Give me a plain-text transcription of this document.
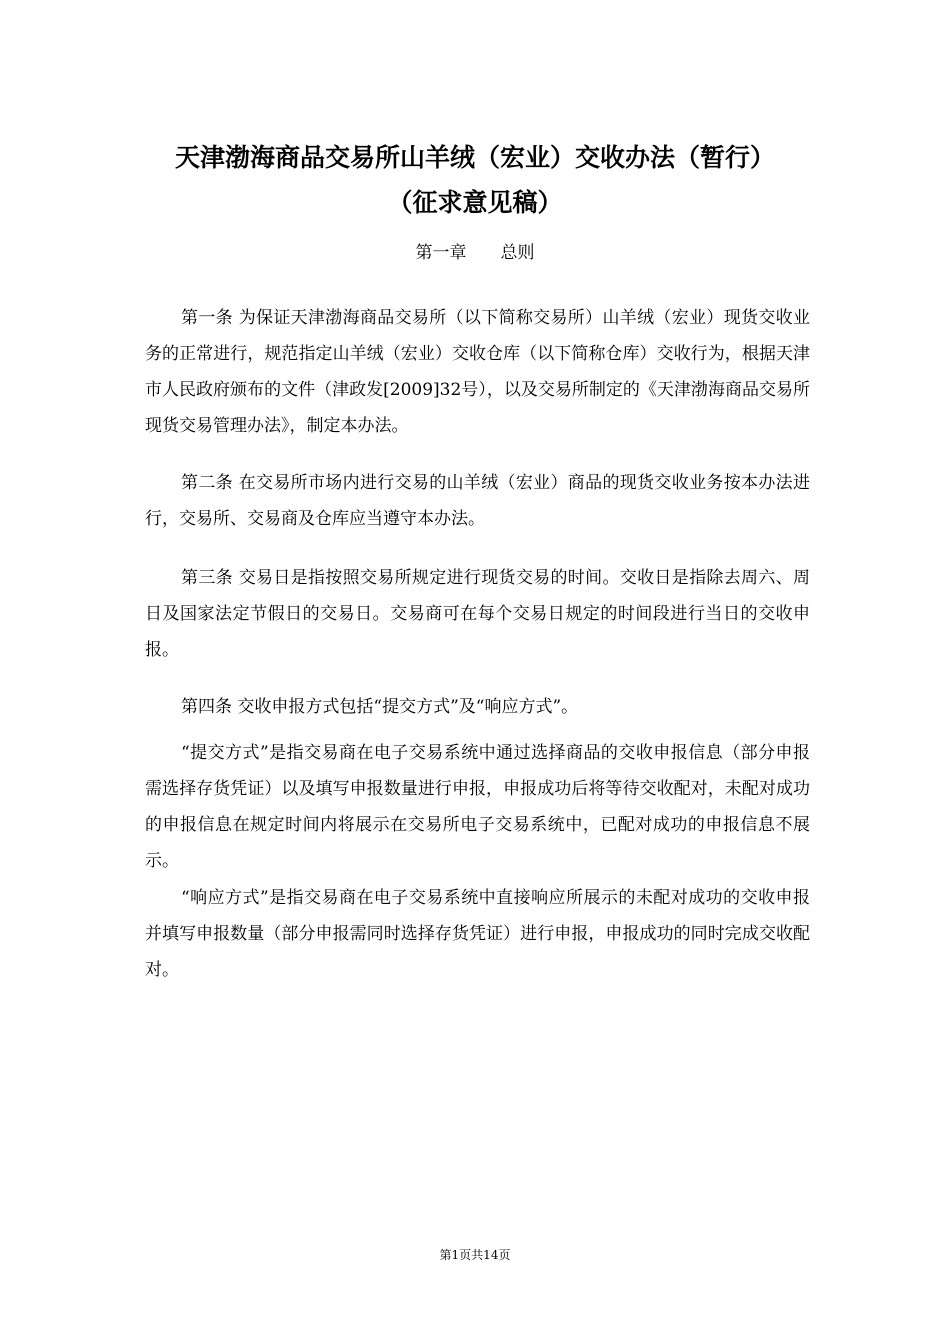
天津渤海商品交易所山羊绒（宏业）交收办法（暂行）
（征求意见稿）
第一章　　总则

第一条 为保证天津渤海商品交易所（以下简称交易所）山羊绒（宏业）现货交收业务的正常进行，规范指定山羊绒（宏业）交收仓库（以下简称仓库）交收行为，根据天津市人民政府颁布的文件（津政发[2009]32号），以及交易所制定的《天津渤海商品交易所现货交易管理办法》，制定本办法。

第二条 在交易所市场内进行交易的山羊绒（宏业）商品的现货交收业务按本办法进行，交易所、交易商及仓库应当遵守本办法。

第三条 交易日是指按照交易所规定进行现货交易的时间。交收日是指除去周六、周日及国家法定节假日的交易日。交易商可在每个交易日规定的时间段进行当日的交收申报。

第四条 交收申报方式包括“提交方式”及“响应方式”。

“提交方式”是指交易商在电子交易系统中通过选择商品的交收申报信息（部分申报需选择存货凭证）以及填写申报数量进行申报，申报成功后将等待交收配对，未配对成功的申报信息在规定时间内将展示在交易所电子交易系统中，已配对成功的申报信息不展示。

“响应方式”是指交易商在电子交易系统中直接响应所展示的未配对成功的交收申报并填写申报数量（部分申报需同时选择存货凭证）进行申报，申报成功的同时完成交收配对。

第1页共14页
